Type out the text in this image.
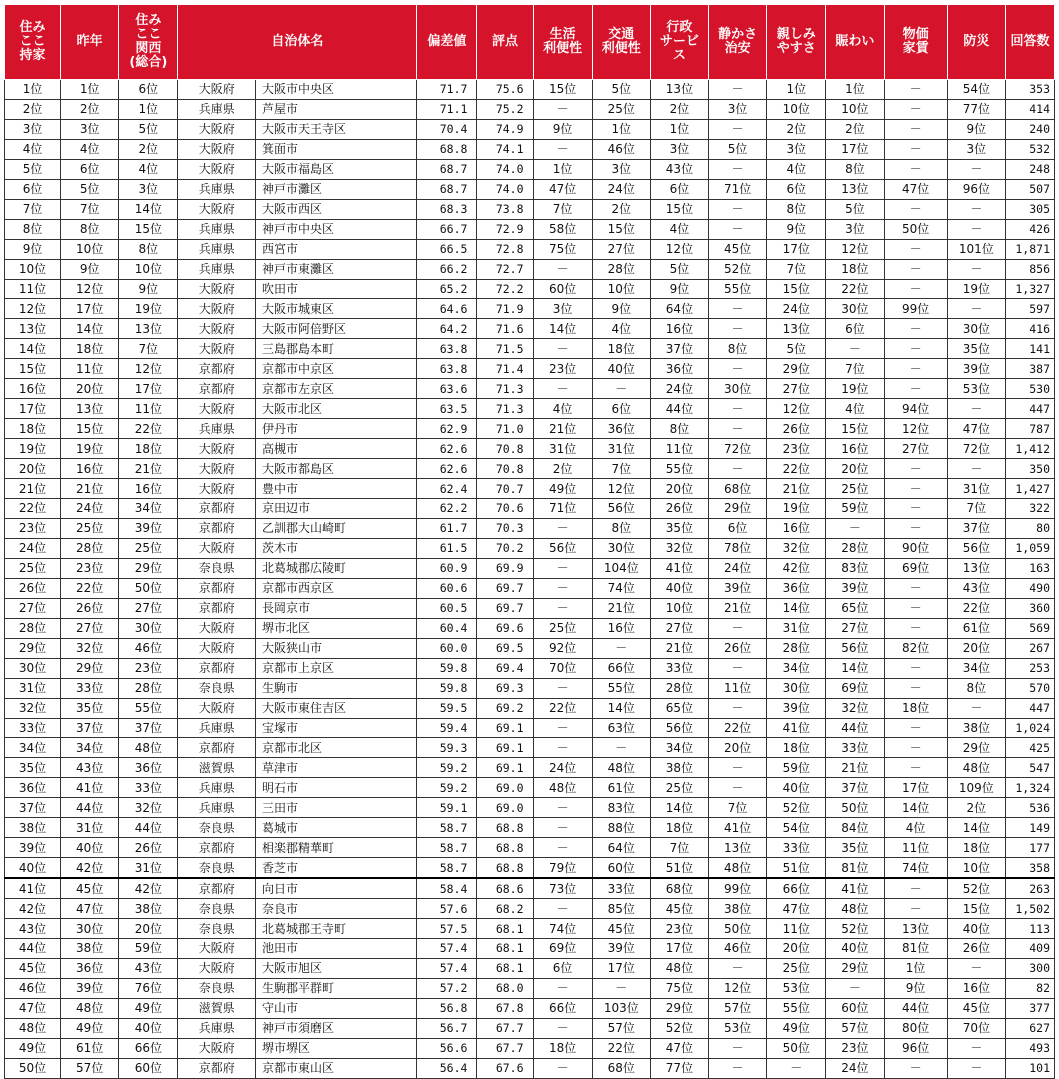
住み
ここ
持家	昨年	住み
ここ
関西
(総合)	自治体名		偏差値	評点	生活
利便性	交通
利便性	行政
サービ
ス	静かさ
治安	親しみ
やすさ	賑わい	物価
家賃	防災	回答数
1位	1位	6位	大阪府	大阪市中央区	71.7	75.6	15位	5位	13位	－	1位	1位	－	54位	353
2位	2位	1位	兵庫県	芦屋市	71.1	75.2	－	25位	2位	3位	10位	10位	－	77位	414
3位	3位	5位	大阪府	大阪市天王寺区	70.4	74.9	9位	1位	1位	－	2位	2位	－	9位	240
4位	4位	2位	大阪府	箕面市	68.8	74.1	－	46位	3位	5位	3位	17位	－	3位	532
5位	6位	4位	大阪府	大阪市福島区	68.7	74.0	1位	3位	43位	－	4位	8位	－	－	248
6位	5位	3位	兵庫県	神戸市灘区	68.7	74.0	47位	24位	6位	71位	6位	13位	47位	96位	507
7位	7位	14位	大阪府	大阪市西区	68.3	73.8	7位	2位	15位	－	8位	5位	－	－	305
8位	8位	15位	兵庫県	神戸市中央区	66.7	72.9	58位	15位	4位	－	9位	3位	50位	－	426
9位	10位	8位	兵庫県	西宮市	66.5	72.8	75位	27位	12位	45位	17位	12位	－	101位	1,871
10位	9位	10位	兵庫県	神戸市東灘区	66.2	72.7	－	28位	5位	52位	7位	18位	－	－	856
11位	12位	9位	大阪府	吹田市	65.2	72.2	60位	10位	9位	55位	15位	22位	－	19位	1,327
12位	17位	19位	大阪府	大阪市城東区	64.6	71.9	3位	9位	64位	－	24位	30位	99位	－	597
13位	14位	13位	大阪府	大阪市阿倍野区	64.2	71.6	14位	4位	16位	－	13位	6位	－	30位	416
14位	18位	7位	大阪府	三島郡島本町	63.8	71.5	－	18位	37位	8位	5位	－	－	35位	141
15位	11位	12位	京都府	京都市中京区	63.8	71.4	23位	40位	36位	－	29位	7位	－	39位	387
16位	20位	17位	京都府	京都市左京区	63.6	71.3	－	－	24位	30位	27位	19位	－	53位	530
17位	13位	11位	大阪府	大阪市北区	63.5	71.3	4位	6位	44位	－	12位	4位	94位	－	447
18位	15位	22位	兵庫県	伊丹市	62.9	71.0	21位	36位	8位	－	26位	15位	12位	47位	787
19位	19位	18位	大阪府	高槻市	62.6	70.8	31位	31位	11位	72位	23位	16位	27位	72位	1,412
20位	16位	21位	大阪府	大阪市都島区	62.6	70.8	2位	7位	55位	－	22位	20位	－	－	350
21位	21位	16位	大阪府	豊中市	62.4	70.7	49位	12位	20位	68位	21位	25位	－	31位	1,427
22位	24位	34位	京都府	京田辺市	62.2	70.6	71位	56位	26位	29位	19位	59位	－	7位	322
23位	25位	39位	京都府	乙訓郡大山崎町	61.7	70.3	－	8位	35位	6位	16位	－	－	37位	80
24位	28位	25位	大阪府	茨木市	61.5	70.2	56位	30位	32位	78位	32位	28位	90位	56位	1,059
25位	23位	29位	奈良県	北葛城郡広陵町	60.9	69.9	－	104位	41位	24位	42位	83位	69位	13位	163
26位	22位	50位	京都府	京都市西京区	60.6	69.7	－	74位	40位	39位	36位	39位	－	43位	490
27位	26位	27位	京都府	長岡京市	60.5	69.7	－	21位	10位	21位	14位	65位	－	22位	360
28位	27位	30位	大阪府	堺市北区	60.4	69.6	25位	16位	27位	－	31位	27位	－	61位	569
29位	32位	46位	大阪府	大阪狭山市	60.0	69.5	92位	－	21位	26位	28位	56位	82位	20位	267
30位	29位	23位	京都府	京都市上京区	59.8	69.4	70位	66位	33位	－	34位	14位	－	34位	253
31位	33位	28位	奈良県	生駒市	59.8	69.3	－	55位	28位	11位	30位	69位	－	8位	570
32位	35位	55位	大阪府	大阪市東住吉区	59.5	69.2	22位	14位	65位	－	39位	32位	18位	－	447
33位	37位	37位	兵庫県	宝塚市	59.4	69.1	－	63位	56位	22位	41位	44位	－	38位	1,024
34位	34位	48位	京都府	京都市北区	59.3	69.1	－	－	34位	20位	18位	33位	－	29位	425
35位	43位	36位	滋賀県	草津市	59.2	69.1	24位	48位	38位	－	59位	21位	－	48位	547
36位	41位	33位	兵庫県	明石市	59.2	69.0	48位	61位	25位	－	40位	37位	17位	109位	1,324
37位	44位	32位	兵庫県	三田市	59.1	69.0	－	83位	14位	7位	52位	50位	14位	2位	536
38位	31位	44位	奈良県	葛城市	58.7	68.8	－	88位	18位	41位	54位	84位	4位	14位	149
39位	40位	26位	京都府	相楽郡精華町	58.7	68.8	－	64位	7位	13位	33位	35位	11位	18位	177
40位	42位	31位	奈良県	香芝市	58.7	68.8	79位	60位	51位	48位	51位	81位	74位	10位	358
41位	45位	42位	京都府	向日市	58.4	68.6	73位	33位	68位	99位	66位	41位	－	52位	263
42位	47位	38位	奈良県	奈良市	57.6	68.2	－	85位	45位	38位	47位	48位	－	15位	1,502
43位	30位	20位	奈良県	北葛城郡王寺町	57.5	68.1	74位	45位	23位	50位	11位	52位	13位	40位	113
44位	38位	59位	大阪府	池田市	57.4	68.1	69位	39位	17位	46位	20位	40位	81位	26位	409
45位	36位	43位	大阪府	大阪市旭区	57.4	68.1	6位	17位	48位	－	25位	29位	1位	－	300
46位	39位	76位	奈良県	生駒郡平群町	57.2	68.0	－	－	75位	12位	53位	－	9位	16位	82
47位	48位	49位	滋賀県	守山市	56.8	67.8	66位	103位	29位	57位	55位	60位	44位	45位	377
48位	49位	40位	兵庫県	神戸市須磨区	56.7	67.7	－	57位	52位	53位	49位	57位	80位	70位	627
49位	61位	66位	大阪府	堺市堺区	56.6	67.7	18位	22位	47位	－	50位	23位	96位	－	493
50位	57位	60位	京都府	京都市東山区	56.4	67.6	－	68位	77位	－	－	24位	－	－	101
